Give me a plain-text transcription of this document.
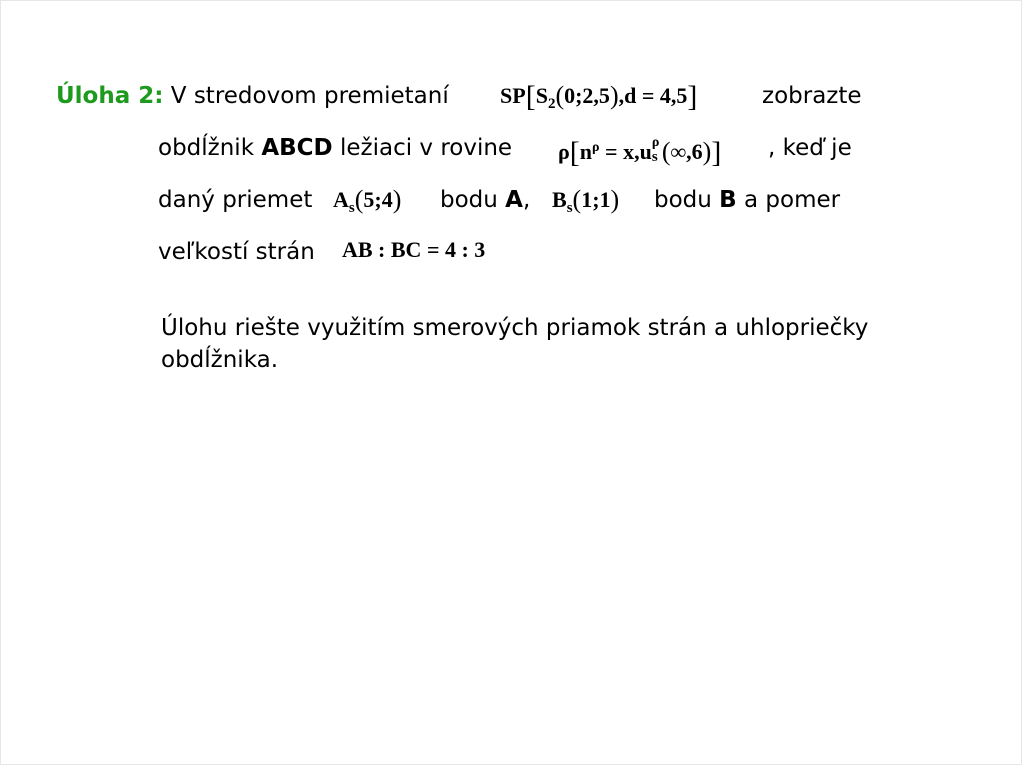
Úloha 2: V stredovom premietaní $SP[S_2(0;2,5),d = 4,5]$	zobrazte
obdĺžnik ABCD ležiaci v rovine $\rho[n^\rho = x,u$ ρ
s (∞,6)] , keď je
daný priemet $A_s(5;4)$ bodu A, $B_s(1;1)$ bodu B a pomer
veľkostí strán AB : BC = 4 : 3
Úlohu riešte využitím smerových priamok strán a uhlopriečky obdĺžnika.
